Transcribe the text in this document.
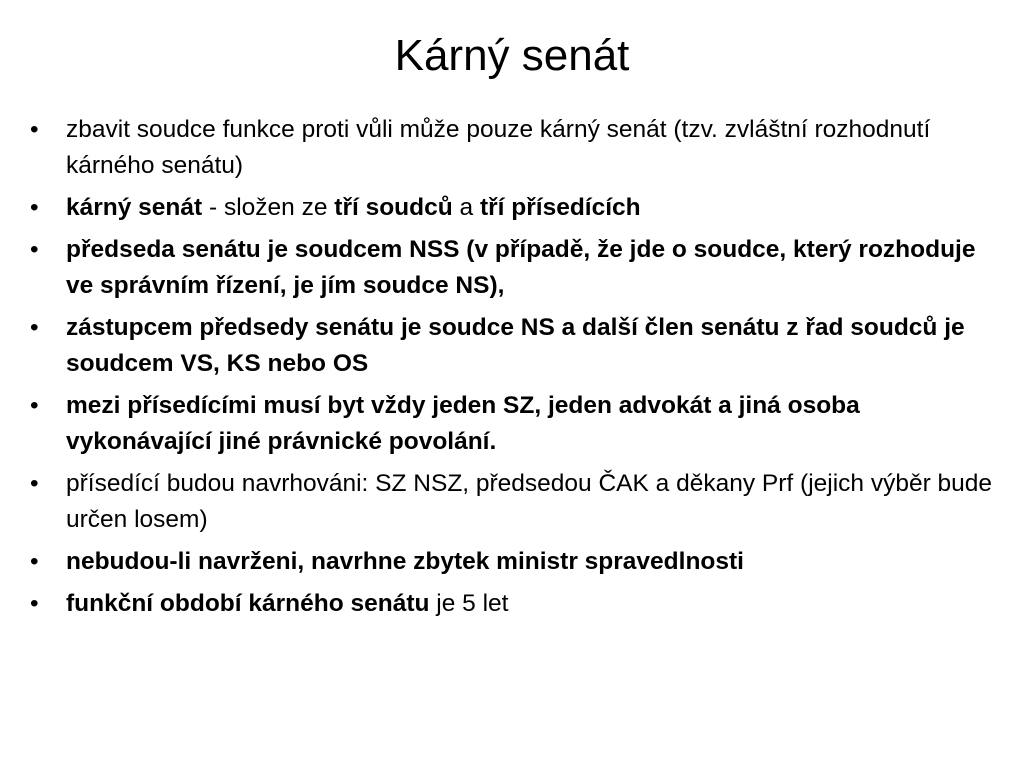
Kárný senát
•	zbavit soudce funkce proti vůli může pouze kárný senát (tzv. zvláštní rozhodnutí kárného senátu)
•	kárný senát - složen ze tří soudců a tří přísedících
•	předseda senátu je soudcem NSS (v případě, že jde o soudce, který rozhoduje ve správním řízení, je jím soudce NS),
•	zástupcem předsedy senátu je soudce NS a další člen senátu z řad soudců je soudcem VS, KS nebo OS
•	mezi přísedícími musí byt vždy jeden SZ, jeden advokát a jiná osoba vykonávající jiné právnické povolání.
•	přísedící budou navrhováni: SZ NSZ, předsedou ČAK a děkany Prf (jejich výběr bude určen losem)
•	nebudou-li navrženi, navrhne zbytek ministr spravedlnosti
•	funkční období kárného senátu je 5 let
